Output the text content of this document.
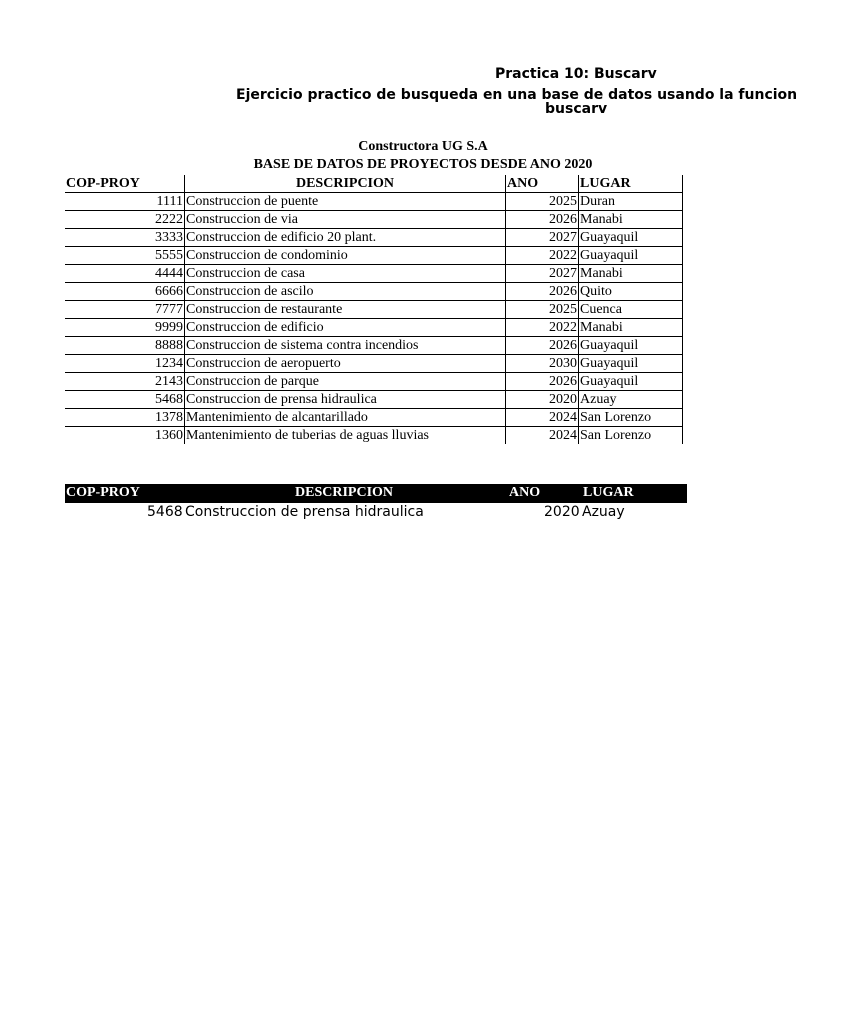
Practica 10: Buscarv
Ejercicio practico de busqueda en una base de datos usando la funcion
buscarv
Constructora UG S.A
BASE DE DATOS DE PROYECTOS DESDE ANO 2020
COP-PROY	DESCRIPCION	ANO	LUGAR
1111	Construccion de puente	2025	Duran
2222	Construccion de via	2026	Manabi
3333	Construccion de edificio 20 plant.	2027	Guayaquil
5555	Construccion de condominio	2022	Guayaquil
4444	Construccion de casa	2027	Manabi
6666	Construccion de ascilo	2026	Quito
7777	Construccion de restaurante	2025	Cuenca
9999	Construccion de edificio	2022	Manabi
8888	Construccion de sistema contra incendios	2026	Guayaquil
1234	Construccion de aeropuerto	2030	Guayaquil
2143	Construccion de parque	2026	Guayaquil
5468	Construccion de prensa hidraulica	2020	Azuay
1378	Mantenimiento de alcantarillado	2024	San Lorenzo
1360	Mantenimiento de tuberias de aguas lluvias	2024	San Lorenzo
COP-PROY	DESCRIPCION	ANO	LUGAR
5468 Construccion de prensa hidraulica	2020 Azuay
